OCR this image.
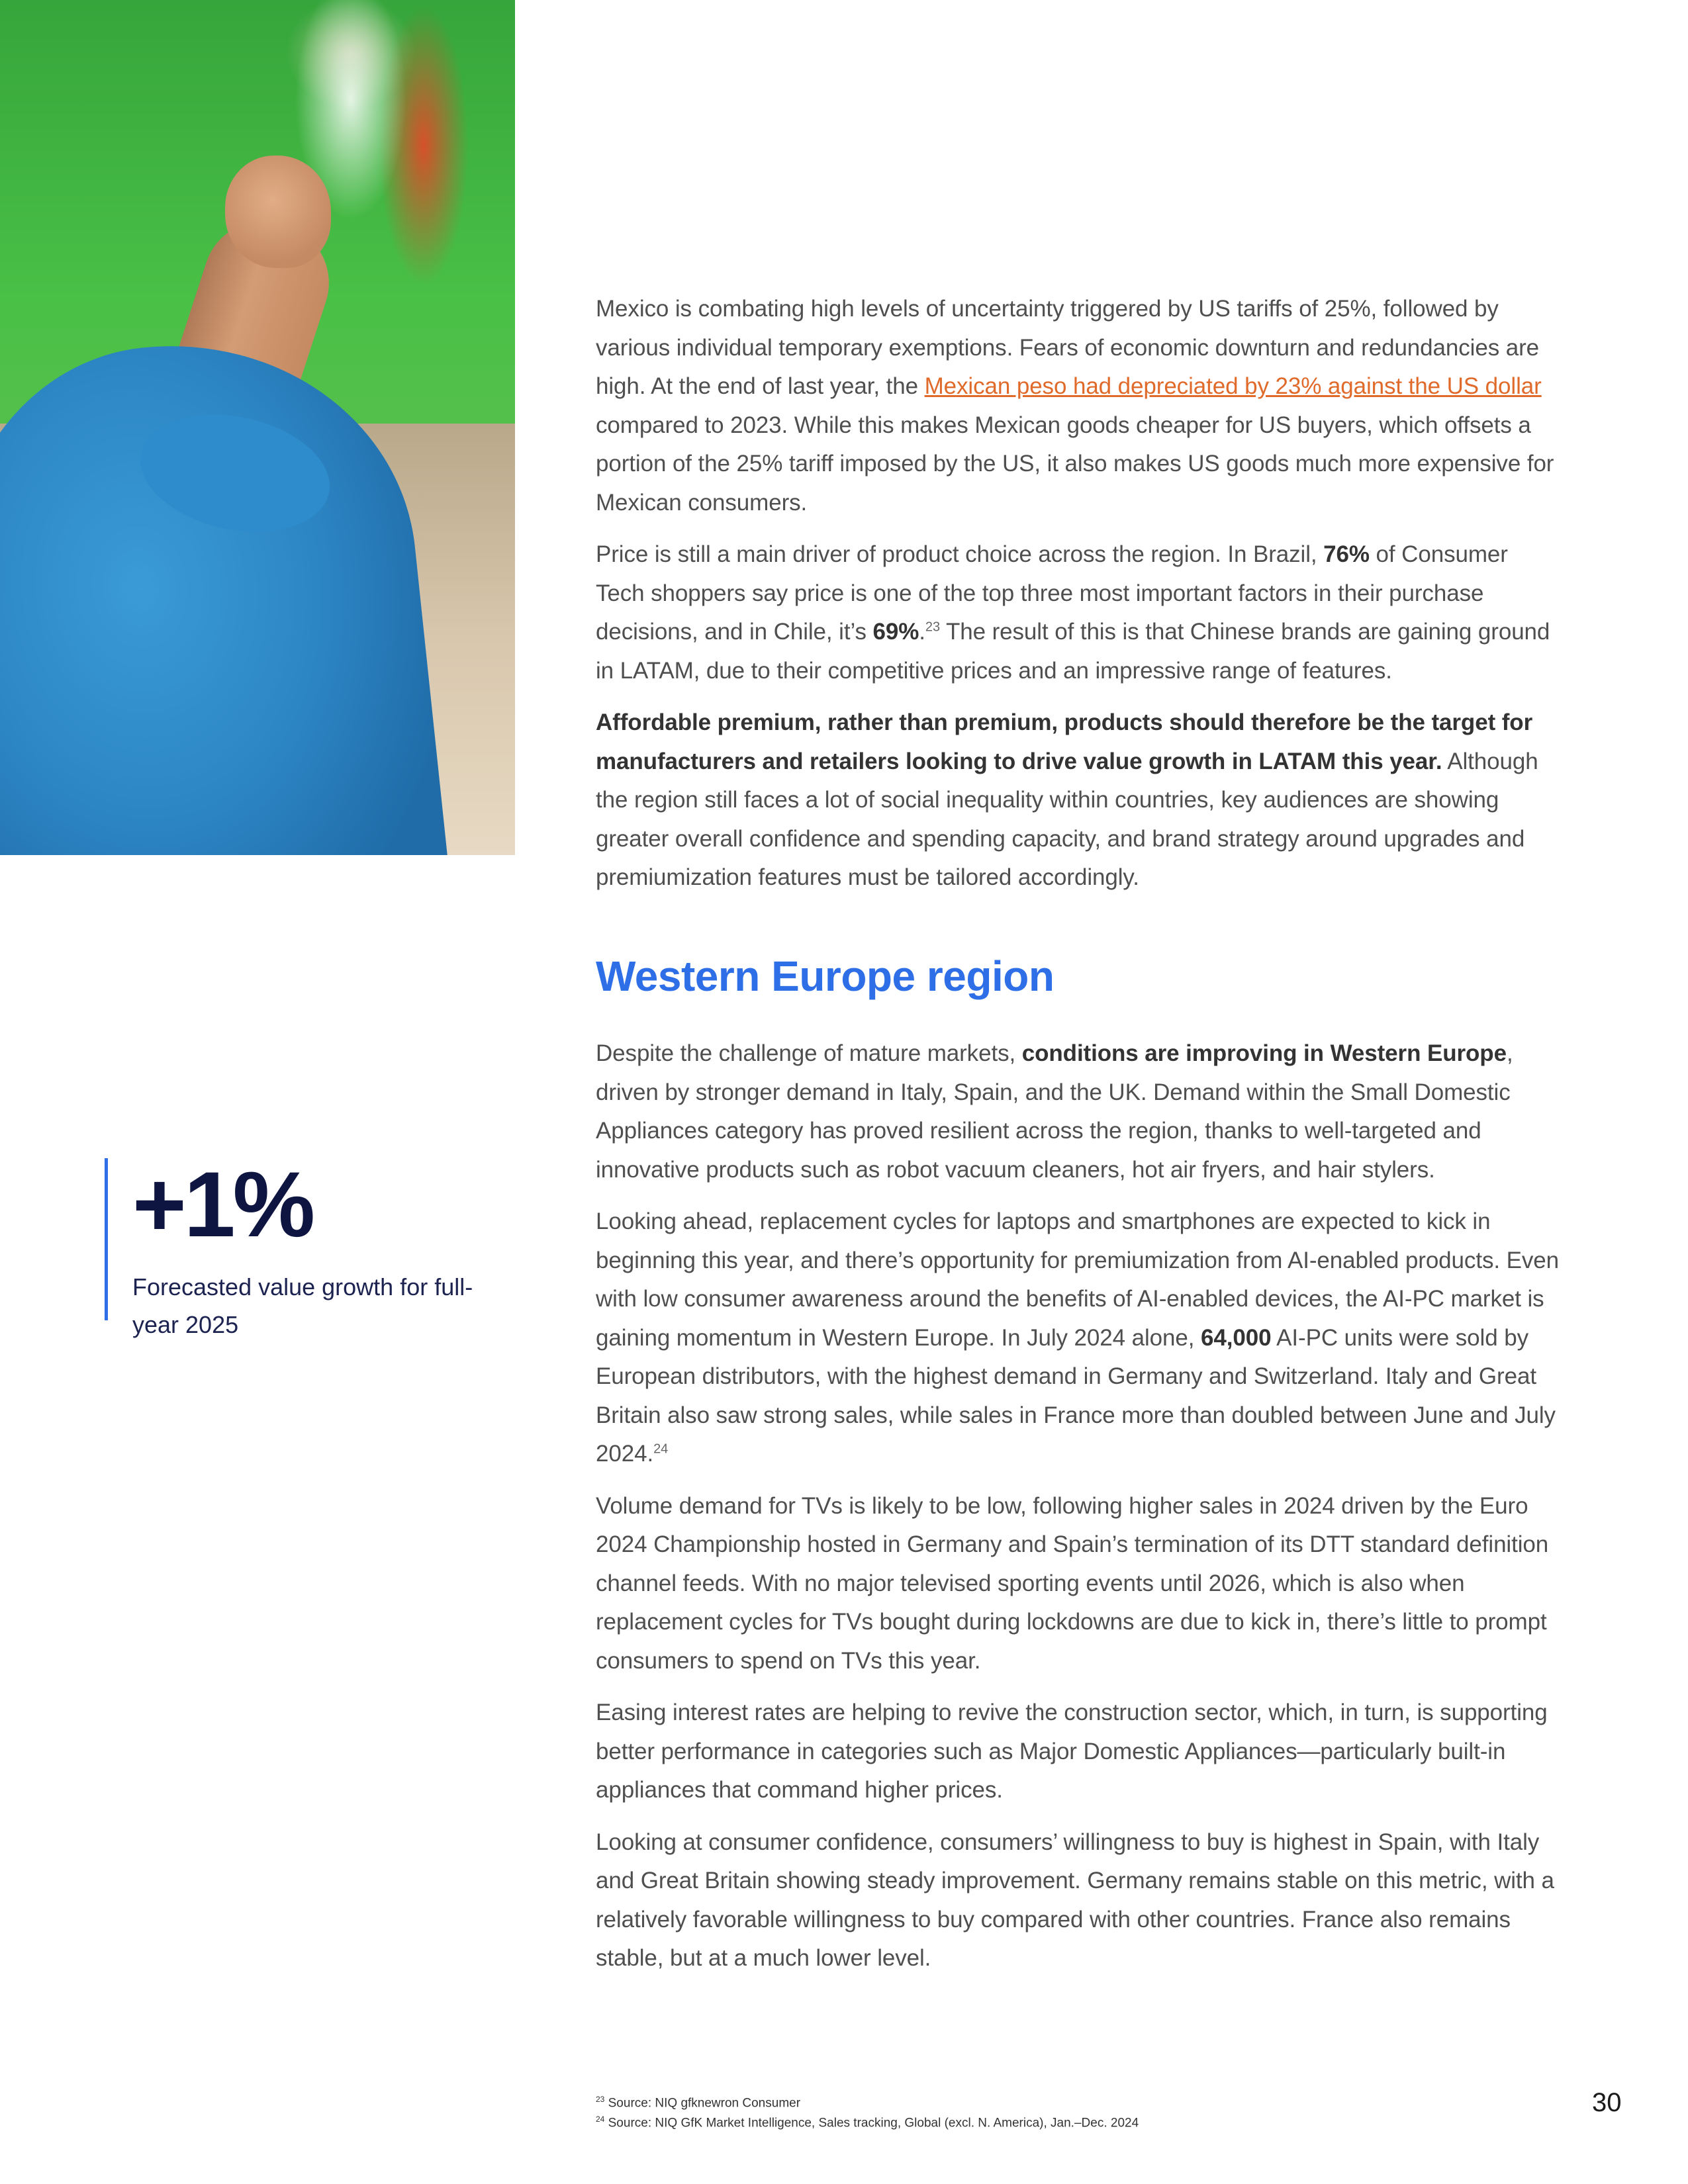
Mexico is combating high levels of uncertainty triggered by US tariffs of 25%, followed by various individual temporary exemptions. Fears of economic downturn and redundancies are high. At the end of last year, the Mexican peso had depreciated by 23% against the US dollar compared to 2023. While this makes Mexican goods cheaper for US buyers, which offsets a portion of the 25% tariff imposed by the US, it also makes US goods much more expensive for Mexican consumers.

Price is still a main driver of product choice across the region. In Brazil, 76% of Consumer Tech shoppers say price is one of the top three most important factors in their purchase decisions, and in Chile, it’s 69%.$^{23}$ The result of this is that Chinese brands are gaining ground in LATAM, due to their competitive prices and an impressive range of features.

Affordable premium, rather than premium, products should therefore be the target for manufacturers and retailers looking to drive value growth in LATAM this year. Although the region still faces a lot of social inequality within countries, key audiences are showing greater overall confidence and spending capacity, and brand strategy around upgrades and premiumization features must be tailored accordingly.

Western Europe region

Despite the challenge of mature markets, conditions are improving in Western Europe, driven by stronger demand in Italy, Spain, and the UK. Demand within the Small Domestic Appliances category has proved resilient across the region, thanks to well-targeted and innovative products such as robot vacuum cleaners, hot air fryers, and hair stylers.

Looking ahead, replacement cycles for laptops and smartphones are expected to kick in beginning this year, and there’s opportunity for premiumization from AI-enabled products. Even with low consumer awareness around the benefits of AI-enabled devices, the AI-PC market is gaining momentum in Western Europe. In July 2024 alone, 64,000 AI-PC units were sold by European distributors, with the highest demand in Germany and Switzerland. Italy and Great Britain also saw strong sales, while sales in France more than doubled between June and July 2024.24

Volume demand for TVs is likely to be low, following higher sales in 2024 driven by the Euro 2024 Championship hosted in Germany and Spain’s termination of its DTT standard definition channel feeds. With no major televised sporting events until 2026, which is also when replacement cycles for TVs bought during lockdowns are due to kick in, there’s little to prompt consumers to spend on TVs this year.

Easing interest rates are helping to revive the construction sector, which, in turn, is supporting better performance in categories such as Major Domestic Appliances—particularly built-in appliances that command higher prices.

Looking at consumer confidence, consumers’ willingness to buy is highest in Spain, with Italy and Great Britain showing steady improvement. Germany remains stable on this metric, with a relatively favorable willingness to buy compared with other countries. France also remains stable, but at a much lower level.

+1%
Forecasted value growth for full-year 2025
$^{23}$ Source: NIQ gfknewron Consumer
$^{24}$ Source: NIQ GfK Market Intelligence, Sales tracking, Global (excl. N. America), Jan.–Dec. 2024
30
